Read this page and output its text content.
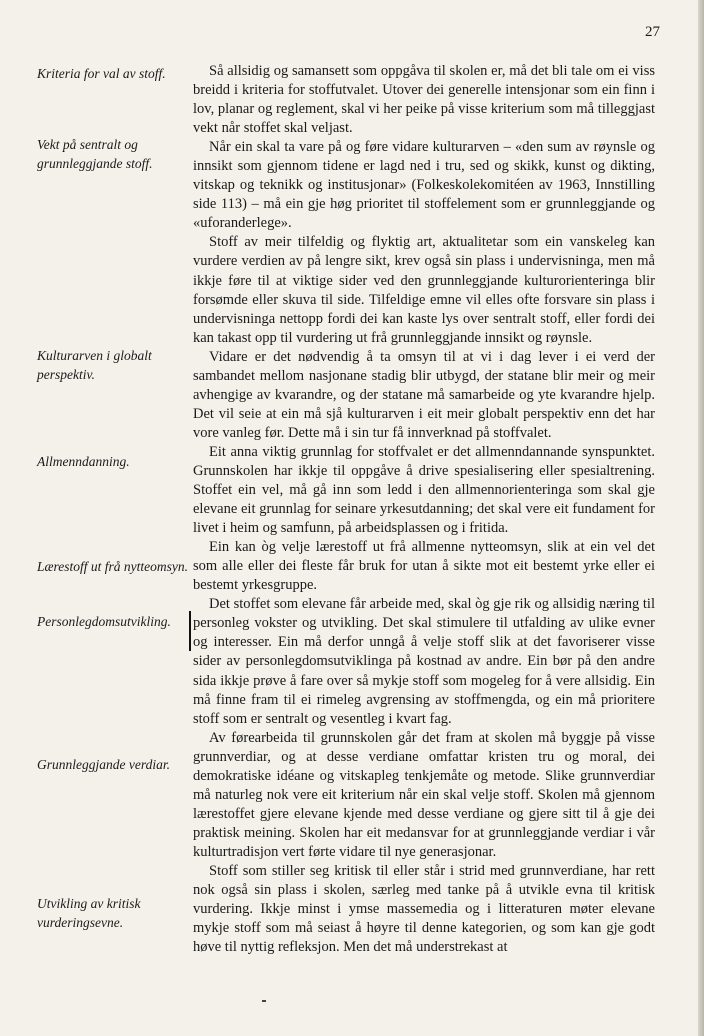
27
Kriteria for val av stoff.
Vekt på sentralt og grunnleggjande stoff.
Kulturarven i globalt perspektiv.
Allmenndanning.
Lærestoff ut frå nytteomsyn.
Personlegdomsutvikling.
Grunnleggjande verdiar.
Utvikling av kritisk vurderingsevne.

Så allsidig og samansett som oppgåva til skolen er, må det bli tale om ei viss breidd i kriteria for stoffutvalet. Utover dei generelle intensjonar som ein finn i lov, planar og reglement, skal vi her peike på visse kriterium som må tilleggjast vekt når stoffet skal veljast.

Når ein skal ta vare på og føre vidare kulturarven – «den sum av røynsle og innsikt som gjennom tidene er lagd ned i tru, sed og skikk, kunst og dikting, vitskap og teknikk og institusjonar» (Folkeskolekomitéen av 1963, Innstilling side 113) – må ein gje høg prioritet til stoffelement som er grunnleggjande og «uforanderlege».

Stoff av meir tilfeldig og flyktig art, aktualitetar som ein vanskeleg kan vurdere verdien av på lengre sikt, krev også sin plass i undervisninga, men må ikkje føre til at viktige sider ved den grunnleggjande kulturorienteringa blir forsømde eller skuva til side. Tilfeldige emne vil elles ofte forsvare sin plass i undervisninga nettopp fordi dei kan kaste lys over sentralt stoff, eller fordi dei kan takast opp til vurdering ut frå grunnleggjande innsikt og røynsle.

Vidare er det nødvendig å ta omsyn til at vi i dag lever i ei verd der sambandet mellom nasjonane stadig blir utbygd, der statane blir meir og meir avhengige av kvarandre, og der statane må samarbeide og yte kvarandre hjelp. Det vil seie at ein må sjå kulturarven i eit meir globalt perspektiv enn det har vore vanleg før. Dette må i sin tur få innverknad på stoffvalet.

Eit anna viktig grunnlag for stoffvalet er det allmenndannande synspunktet. Grunnskolen har ikkje til oppgåve å drive spesialisering eller spesialtrening. Stoffet ein vel, må gå inn som ledd i den allmennorienteringa som skal gje elevane eit grunnlag for seinare yrkesutdanning; det skal vere eit fundament for livet i heim og samfunn, på arbeidsplassen og i fritida.

Ein kan òg velje lærestoff ut frå allmenne nytteomsyn, slik at ein vel det som alle eller dei fleste får bruk for utan å sikte mot eit bestemt yrke eller ei bestemt yrkesgruppe.

Det stoffet som elevane får arbeide med, skal òg gje rik og allsidig næring til personleg vokster og utvikling. Det skal stimulere til utfalding av ulike evner og interesser. Ein må derfor unngå å velje stoff slik at det favoriserer visse sider av personlegdomsutviklinga på kostnad av andre. Ein bør på den andre sida ikkje prøve å fare over så mykje stoff som mogeleg for å vere allsidig. Ein må finne fram til ei rimeleg avgrensing av stoffmengda, og ein må prioritere stoff som er sentralt og vesentleg i kvart fag.

Av førearbeida til grunnskolen går det fram at skolen må byggje på visse grunnverdiar, og at desse verdiane omfattar kristen tru og moral, dei demokratiske idéane og vitskapleg tenkjemåte og metode. Slike grunnverdiar må naturleg nok vere eit kriterium når ein skal velje stoff. Skolen må gjennom lærestoffet gjere elevane kjende med desse verdiane og gjere sitt til å gje dei praktisk meining. Skolen har eit medansvar for at grunnleggjande verdiar i vår kulturtradisjon vert førte vidare til nye generasjonar.

Stoff som stiller seg kritisk til eller står i strid med grunnverdiane, har rett nok også sin plass i skolen, særleg med tanke på å utvikle evna til kritisk vurdering. Ikkje minst i ymse massemedia og i litteraturen møter elevane mykje stoff som må seiast å høyre til denne kategorien, og som kan gje godt høve til nyttig refleksjon. Men det må understrekast at
